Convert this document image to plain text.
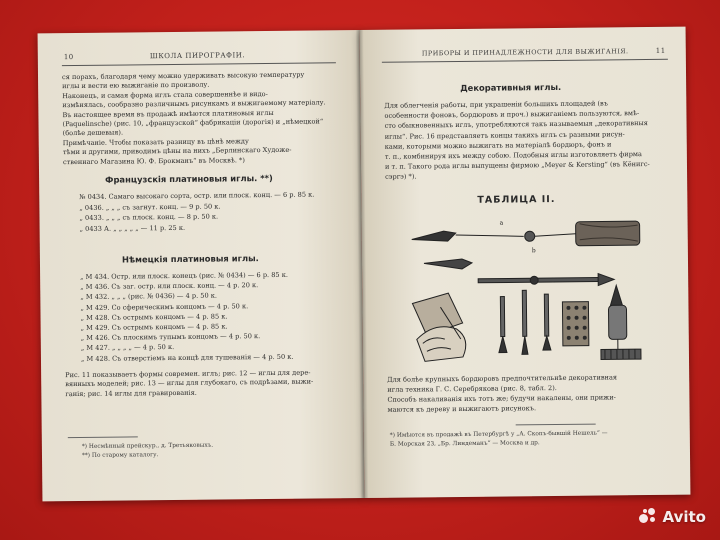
10	ШКОЛА ПИРОГРАФІИ.
ся порахъ, благодаря чему можно удерживать высокую температуру
иглы и вести ею выжиганіе по произволу.
Наконецъ, и самая форма иглъ стала совершеннѣе и видо-
измѣнялась, сообразно различнымъ рисункамъ и выжигаемому матеріалу.
Въ настоящее время въ продажѣ имѣются платиновыя иглы
(Paquelinsche) (рис. 10, „французской“ фабрикаціи (дорогія) и „нѣмецкой“
(болѣе дешевыя).
Примѣчаніе. Чтобы показать разницу въ цѣнѣ между
тѣми и другими, приводимъ цѣны на нихъ „Берлинскаго Художе-
ственнаго Магазина Ю. Ф. Брокманъ“ въ Москвѣ. *)
Французскія платиновыя иглы. **)
№ 0434. Самаго высокаго сорта, остр. или плоск. конц. — 6 р. 85 к.
„ 0436. „ „ „ съ загнут. конц. — 9 р. 50 к.
„ 0433. „ „ „ съ плоск. конц. — 8 р. 50 к.
„ 0433 А. „ „ „ „ „ — 11 р. 25 к.
Нѣмецкія платиновыя иглы.
„ М 434. Остр. или плоск. конецъ (рис. № 0434) — 6 р. 85 к.
„ М 436. Съ заг. остр. или плоск. конц. — 4 р. 20 к.
„ М 432. „ „ „ (рис. № 0436) — 4 р. 50 к.
„ М 429. Со сферическимъ концомъ — 4 р. 50 к.
„ М 428. Съ острымъ концомъ — 4 р. 85 к.
„ М 429. Съ острымъ концомъ — 4 р. 85 к.
„ М 426. Съ плоскимъ тупымъ концомъ — 4 р. 50 к.
„ М 427. „ „ „ „ — 4 р. 50 к.
„ М 428. Съ отверстіемъ на концѣ для тушеванія — 4 р. 50 к.
Рис. 11 показываетъ формы современ. иглъ; рис. 12 — иглы для дере-
вянныхъ моделей; рис. 13 — иглы для глубокаго, съ подрѣзами, выжи-
ганія; рис. 14 иглы для гравированія.
*) Несмѣнный прейскур., д. Третьяковыхъ.
**) По старому каталогу.
ПРИБОРЫ И ПРИНАДЛЕЖНОСТИ ДЛЯ ВЫЖИГАНІЯ.	11
Декоративныя иглы.
Для облегченія работы, при украшеніи большихъ площадей (въ
особенности фоновъ, бордюровъ и проч.) выжиганіемъ пользуются, вмѣ-
сто обыкновенныхъ иглъ, употребляются такъ называемыя „декоративныя
иглы“. Рис. 16 представляетъ концы такихъ иглъ съ разными рисун-
ками, которыми можно выжигать на матеріалѣ бордюръ, фонъ и
т. п., комбинируя ихъ между собою. Подобныя иглы изготовляетъ фирма
и т. п. Такого рода иглы выпущены фирмою „Meyer & Kersting“ (въ Кёнигс-
сэргэ) *).
ТАБЛИЦА II.
a
b
Для болѣе крупныхъ бордюровъ предпочтительнѣе декоративная
игла техника Г. С. Серебрякова (рис. 8, табл. 2).
Способъ накаливанія ихъ тотъ же; будучи накалены, они прижи-
маются къ дереву и выжигаютъ рисунокъ.
*) Имѣются въ продажѣ въ Петербургѣ у „А. Скопъ-бывшій Нешель“ —
Б. Морская 23, „Бр. Линдеманъ“ — Москва и др.
Avito
